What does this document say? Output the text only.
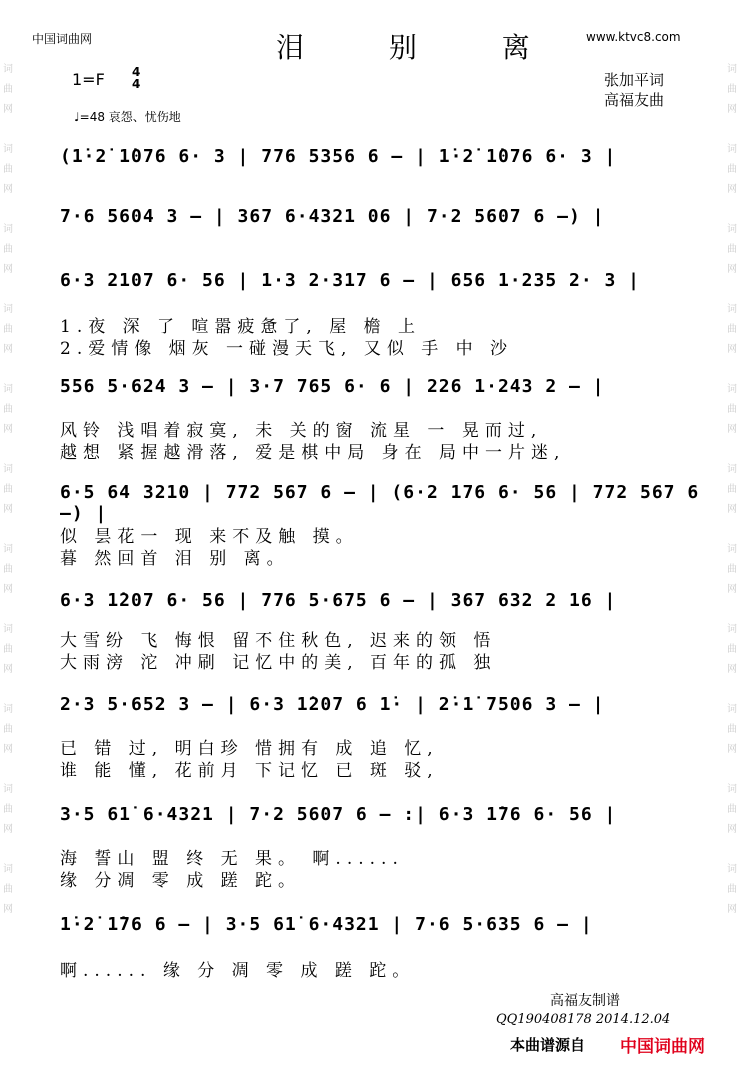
中国词曲网	www.ktvc8.com
泪 别 离
1=F 4
4	张加平词
高福友曲
♩=48 哀怨、忧伤地
词
曲
网

词
曲
网

词
曲
网

词
曲
网

词
曲
网

词
曲
网

词
曲
网

词
曲
网

词
曲
网

词
曲
网

词
曲
网
词
曲
网

词
曲
网

词
曲
网

词
曲
网

词
曲
网

词
曲
网

词
曲
网

词
曲
网

词
曲
网

词
曲
网

词
曲
网
(1̇·2̇ 1̇076 6· 3 | 776 5356 6 – | 1̇·2̇ 1̇076 6· 3 |
7·6 5604 3 – | 367 6·4321 06 | 7·2 5607 6 –) |
6·3 2107 6· 56 | 1·3 2·317 6 – | 656 1·235 2· 3 |
1.夜 深 了 喧嚣疲惫了, 屋 檐 上
2.爱情像 烟灰 一碰漫天飞, 又似 手 中 沙
556 5·624 3 – | 3·7 765 6· 6 | 226 1·243 2 – |
风铃 浅唱着寂寞, 未 关的窗 流星 一 晃而过,
越想 紧握越滑落, 爱是棋中局 身在 局中一片迷,
6·5 64 3210 | 772 567 6 – | (6·2 176 6· 56 | 772 567 6 –) |
似 昙花一 现 来不及触 摸。
暮 然回首 泪 别 离。
6·3 1̇207 6· 56 | 776 5·675 6 – | 367 632 2 16 |
大雪纷 飞 悔恨 留不住秋色, 迟来的领 悟
大雨滂 沱 冲刷 记忆中的美, 百年的孤 独
2·3 5·652 3 – | 6·3 1̇207 6 1̇· | 2̇·1̇ 7506 3 – |
已 错 过, 明白珍 惜拥有 成 追 忆,
谁 能 懂, 花前月 下记忆 已 斑 驳,
3·5 61̇ 6·4321 | 7·2 5607 6 – :| 6·3 1̇76 6· 56 |
海 誓山 盟 终 无 果。 啊......
缘 分凋 零 成 蹉 跎。
1̇·2̇ 1̇76 6 – | 3·5 61̇ 6·4321 | 7·6 5·635 6 – |
啊...... 缘 分 凋 零 成 蹉 跎。
高福友制谱
QQ190408178 2014.12.04
本曲谱源自 中国词曲网
